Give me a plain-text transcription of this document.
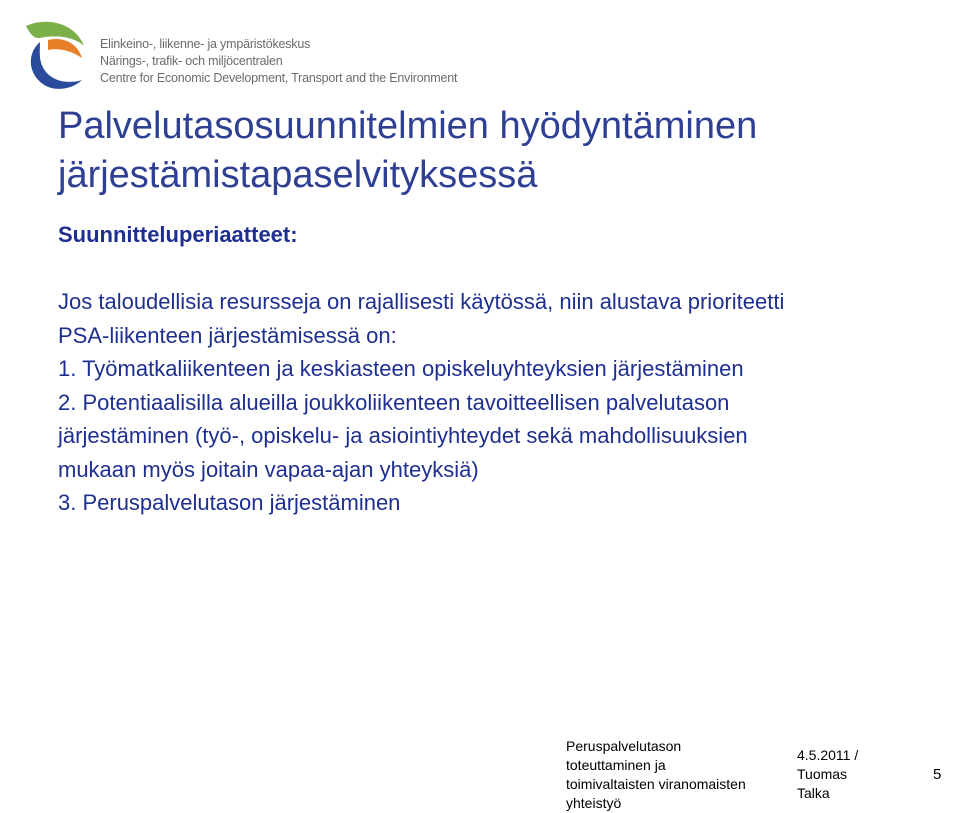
Elinkeino-, liikenne- ja ympäristökeskus
Närings-, trafik- och miljöcentralen
Centre for Economic Development, Transport and the Environment
Palvelutasosuunnitelmien hyödyntäminen
järjestämistapaselvityksessä
Suunnitteluperiaatteet:
Jos taloudellisia resursseja on rajallisesti käytössä, niin alustava prioriteetti
PSA-liikenteen järjestämisessä on:
1. Työmatkaliikenteen ja keskiasteen opiskeluyhteyksien järjestäminen
2. Potentiaalisilla alueilla joukkoliikenteen tavoitteellisen palvelutason
järjestäminen (työ-, opiskelu- ja asiointiyhteydet sekä mahdollisuuksien
mukaan myös joitain vapaa-ajan yhteyksiä)
3. Peruspalvelutason järjestäminen
Peruspalvelutason
toteuttaminen ja
toimivaltaisten viranomaisten
yhteistyö
4.5.2011 /
Tuomas
Talka
5
